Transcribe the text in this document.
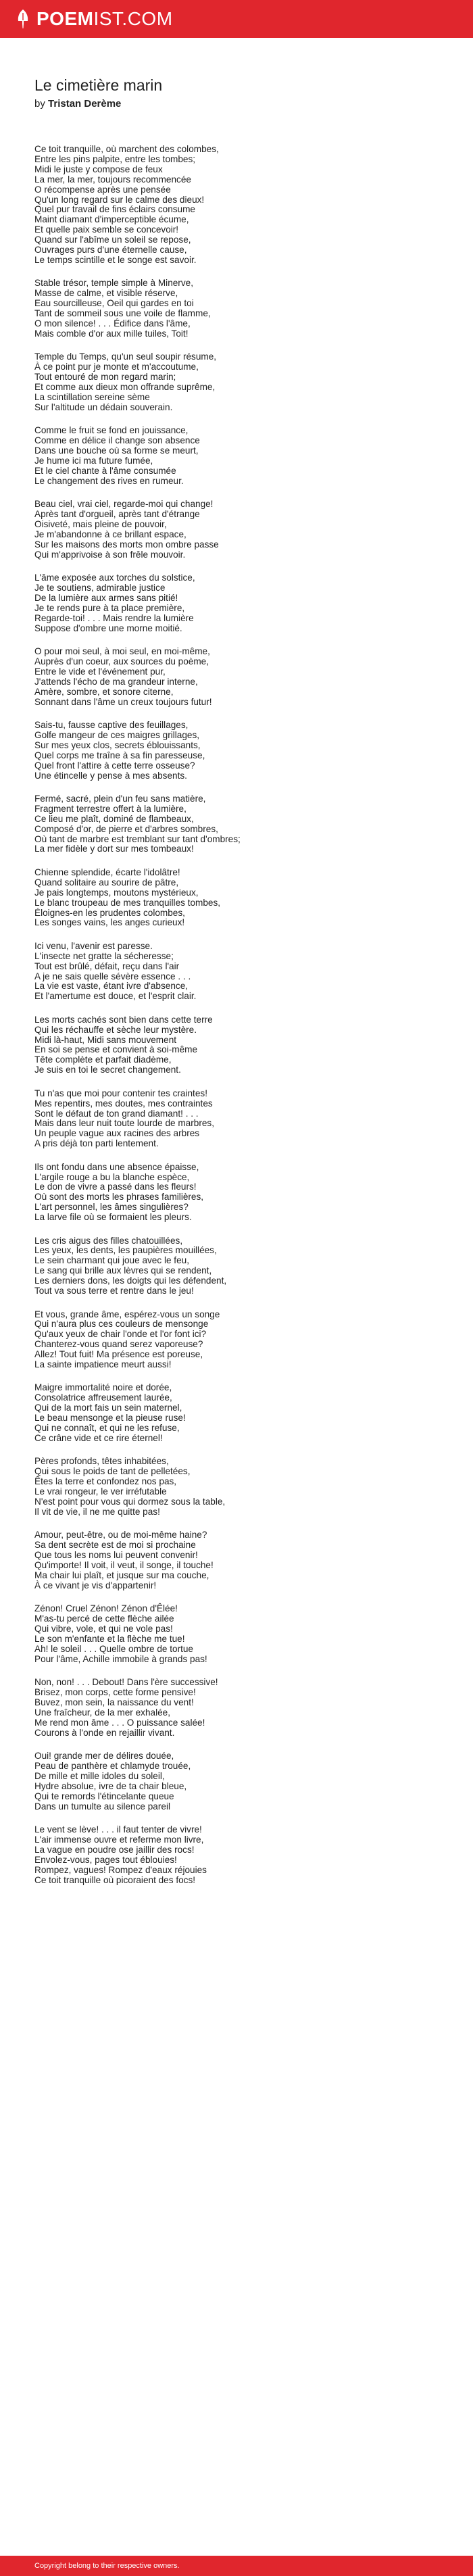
POEM IST.COM
Le cimetière marin
by Tristan Derème
Ce toit tranquille, où marchent des colombes,
Entre les pins palpite, entre les tombes;
Midi le juste y compose de feux
La mer, la mer, toujours recommencée
O récompense après une pensée
Qu'un long regard sur le calme des dieux!
Quel pur travail de fins éclairs consume
Maint diamant d'imperceptible écume,
Et quelle paix semble se concevoir!
Quand sur l'abîme un soleil se repose,
Ouvrages purs d'une éternelle cause,
Le temps scintille et le songe est savoir.
Stable trésor, temple simple à Minerve,
Masse de calme, et visible réserve,
Eau sourcilleuse, Oeil qui gardes en toi
Tant de sommeil sous une voile de flamme,
O mon silence! . . . Édifice dans l'âme,
Mais comble d'or aux mille tuiles, Toit!
Temple du Temps, qu'un seul soupir résume,
À ce point pur je monte et m'accoutume,
Tout entouré de mon regard marin;
Et comme aux dieux mon offrande suprême,
La scintillation sereine sème
Sur l'altitude un dédain souverain.
Comme le fruit se fond en jouissance,
Comme en délice il change son absence
Dans une bouche où sa forme se meurt,
Je hume ici ma future fumée,
Et le ciel chante à l'âme consumée
Le changement des rives en rumeur.
Beau ciel, vrai ciel, regarde-moi qui change!
Après tant d'orgueil, après tant d'étrange
Oisiveté, mais pleine de pouvoir,
Je m'abandonne à ce brillant espace,
Sur les maisons des morts mon ombre passe
Qui m'apprivoise à son frêle mouvoir.
L'âme exposée aux torches du solstice,
Je te soutiens, admirable justice
De la lumière aux armes sans pitié!
Je te rends pure à ta place première,
Regarde-toi! . . . Mais rendre la lumière
Suppose d'ombre une morne moitié.
O pour moi seul, à moi seul, en moi-même,
Auprès d'un coeur, aux sources du poème,
Entre le vide et l'événement pur,
J'attends l'écho de ma grandeur interne,
Amère, sombre, et sonore citerne,
Sonnant dans l'âme un creux toujours futur!
Sais-tu, fausse captive des feuillages,
Golfe mangeur de ces maigres grillages,
Sur mes yeux clos, secrets éblouissants,
Quel corps me traîne à sa fin paresseuse,
Quel front l'attire à cette terre osseuse?
Une étincelle y pense à mes absents.
Fermé, sacré, plein d'un feu sans matière,
Fragment terrestre offert à la lumière,
Ce lieu me plaît, dominé de flambeaux,
Composé d'or, de pierre et d'arbres sombres,
Où tant de marbre est tremblant sur tant d'ombres;
La mer fidèle y dort sur mes tombeaux!
Chienne splendide, écarte l'idolâtre!
Quand solitaire au sourire de pâtre,
Je pais longtemps, moutons mystérieux,
Le blanc troupeau de mes tranquilles tombes,
Éloignes-en les prudentes colombes,
Les songes vains, les anges curieux!
Ici venu, l'avenir est paresse.
L'insecte net gratte la sécheresse;
Tout est brûlé, défait, reçu dans l'air
A je ne sais quelle sévère essence . . .
La vie est vaste, étant ivre d'absence,
Et l'amertume est douce, et l'esprit clair.
Les morts cachés sont bien dans cette terre
Qui les réchauffe et sèche leur mystère.
Midi là-haut, Midi sans mouvement
En soi se pense et convient à soi-même
Tête complète et parfait diadème,
Je suis en toi le secret changement.
Tu n'as que moi pour contenir tes craintes!
Mes repentirs, mes doutes, mes contraintes
Sont le défaut de ton grand diamant! . . .
Mais dans leur nuit toute lourde de marbres,
Un peuple vague aux racines des arbres
A pris déjà ton parti lentement.
Ils ont fondu dans une absence épaisse,
L'argile rouge a bu la blanche espèce,
Le don de vivre a passé dans les fleurs!
Où sont des morts les phrases familières,
L'art personnel, les âmes singulières?
La larve file où se formaient les pleurs.
Les cris aigus des filles chatouillées,
Les yeux, les dents, les paupières mouillées,
Le sein charmant qui joue avec le feu,
Le sang qui brille aux lèvres qui se rendent,
Les derniers dons, les doigts qui les défendent,
Tout va sous terre et rentre dans le jeu!
Et vous, grande âme, espérez-vous un songe
Qui n'aura plus ces couleurs de mensonge
Qu'aux yeux de chair l'onde et l'or font ici?
Chanterez-vous quand serez vaporeuse?
Allez! Tout fuit! Ma présence est poreuse,
La sainte impatience meurt aussi!
Maigre immortalité noire et dorée,
Consolatrice affreusement laurée,
Qui de la mort fais un sein maternel,
Le beau mensonge et la pieuse ruse!
Qui ne connaît, et qui ne les refuse,
Ce crâne vide et ce rire éternel!
Pères profonds, têtes inhabitées,
Qui sous le poids de tant de pelletées,
Êtes la terre et confondez nos pas,
Le vrai rongeur, le ver irréfutable
N'est point pour vous qui dormez sous la table,
Il vit de vie, il ne me quitte pas!
Amour, peut-être, ou de moi-même haine?
Sa dent secrète est de moi si prochaine
Que tous les noms lui peuvent convenir!
Qu'importe! Il voit, il veut, il songe, il touche!
Ma chair lui plaît, et jusque sur ma couche,
À ce vivant je vis d'appartenir!
Zénon! Cruel Zénon! Zénon d'Êlée!
M'as-tu percé de cette flèche ailée
Qui vibre, vole, et qui ne vole pas!
Le son m'enfante et la flèche me tue!
Ah! le soleil . . . Quelle ombre de tortue
Pour l'âme, Achille immobile à grands pas!
Non, non! . . . Debout! Dans l'ère successive!
Brisez, mon corps, cette forme pensive!
Buvez, mon sein, la naissance du vent!
Une fraîcheur, de la mer exhalée,
Me rend mon âme . . . O puissance salée!
Courons à l'onde en rejaillir vivant.
Oui! grande mer de délires douée,
Peau de panthère et chlamyde trouée,
De mille et mille idoles du soleil,
Hydre absolue, ivre de ta chair bleue,
Qui te remords l'étincelante queue
Dans un tumulte au silence pareil
Le vent se lève! . . . il faut tenter de vivre!
L'air immense ouvre et referme mon livre,
La vague en poudre ose jaillir des rocs!
Envolez-vous, pages tout éblouies!
Rompez, vagues! Rompez d'eaux réjouies
Ce toit tranquille où picoraient des focs!
Copyright belong to their respective owners.
